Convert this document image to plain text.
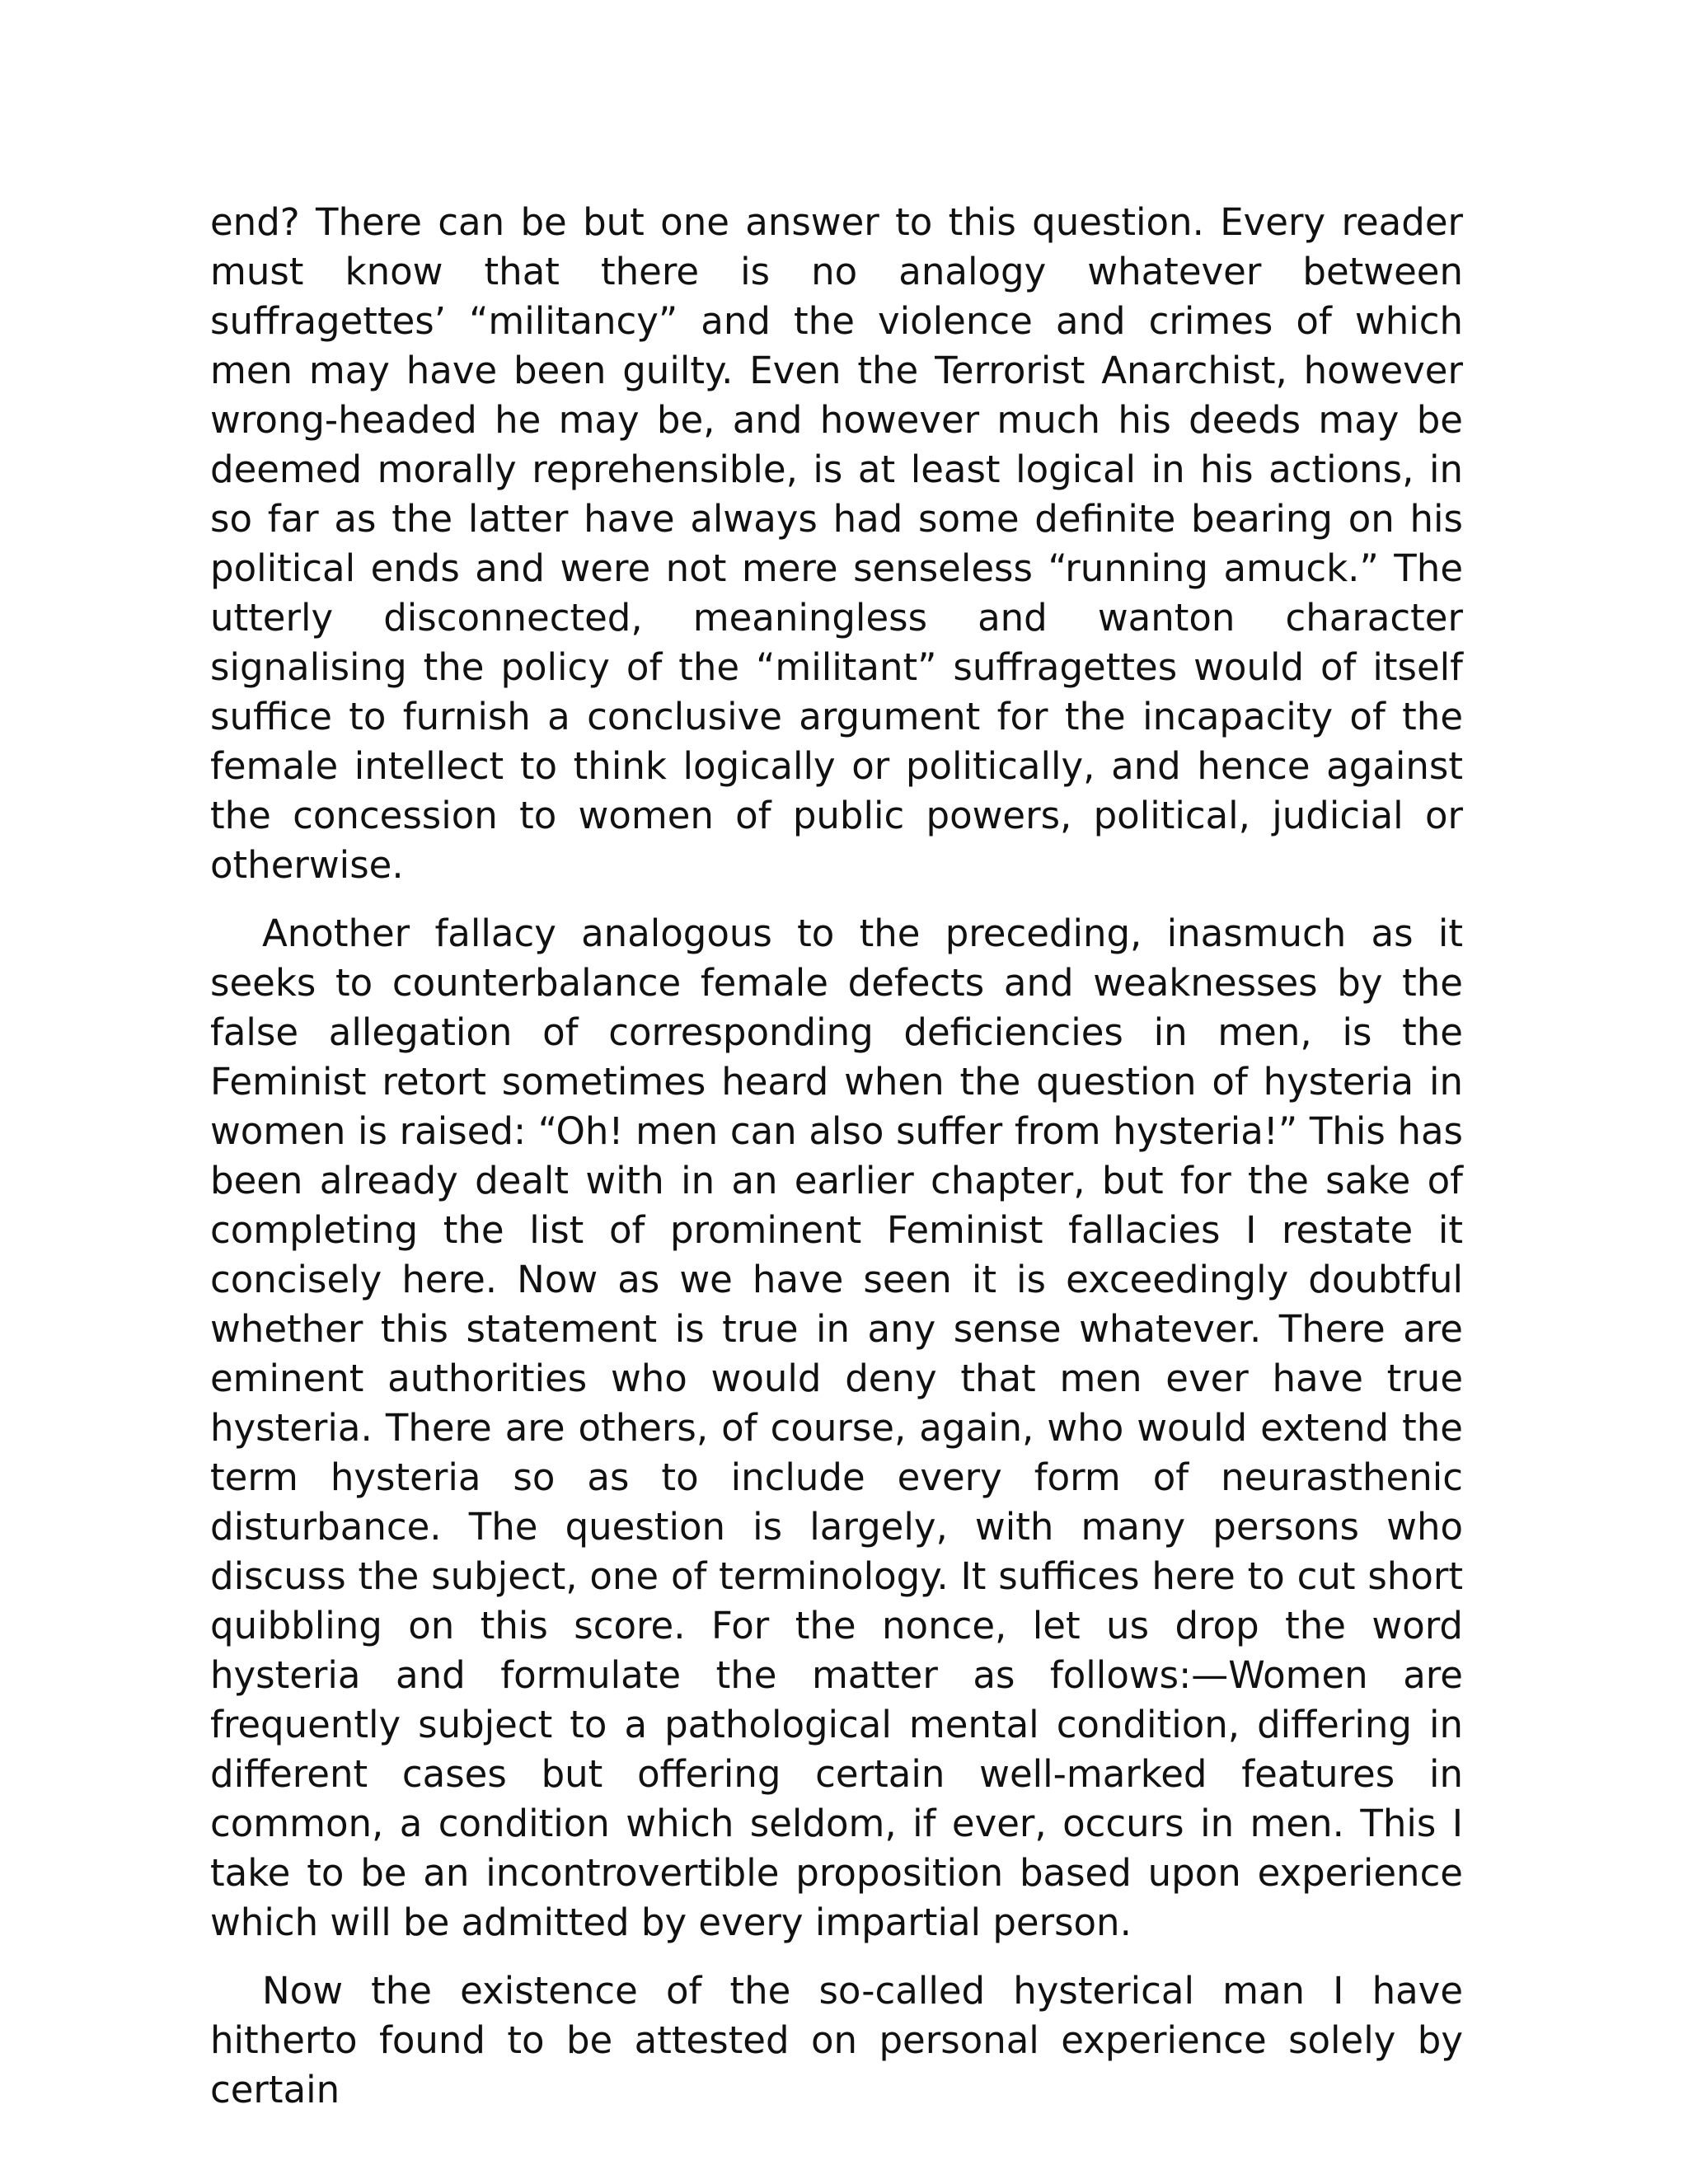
end? There can be but one answer to this question. Every reader must know that there is no analogy whatever between suffragettes’ “militancy” and the violence and crimes of which men may have been guilty. Even the Terrorist Anarchist, however wrong-headed he may be, and however much his deeds may be deemed morally reprehensible, is at least logical in his actions, in so far as the latter have always had some definite bearing on his political ends and were not mere senseless “running amuck.” The utterly disconnected, meaningless and wanton character signalising the policy of the “militant” suffragettes would of itself suffice to furnish a conclusive argument for the incapacity of the female intellect to think logically or politically, and hence against the concession to women of public powers, political, judicial or otherwise.

Another fallacy analogous to the preceding, inasmuch as it seeks to counterbalance female defects and weaknesses by the false allegation of corresponding deficiencies in men, is the Feminist retort sometimes heard when the question of hysteria in women is raised: “Oh! men can also suffer from hysteria!” This has been already dealt with in an earlier chapter, but for the sake of completing the list of prominent Feminist fallacies I restate it concisely here. Now as we have seen it is exceedingly doubtful whether this statement is true in any sense whatever. There are eminent authorities who would deny that men ever have true hysteria. There are others, of course, again, who would extend the term hysteria so as to include every form of neurasthenic disturbance. The question is largely, with many persons who discuss the subject, one of terminology. It suffices here to cut short quibbling on this score. For the nonce, let us drop the word hysteria and formulate the matter as follows:—Women are frequently subject to a pathological mental condition, differing in different cases but offering certain well-marked features in common, a condition which seldom, if ever, occurs in men. This I take to be an incontrovertible proposition based upon experience which will be admitted by every impartial person.

Now the existence of the so-called hysterical man I have hitherto found to be attested on personal experience solely by certain
